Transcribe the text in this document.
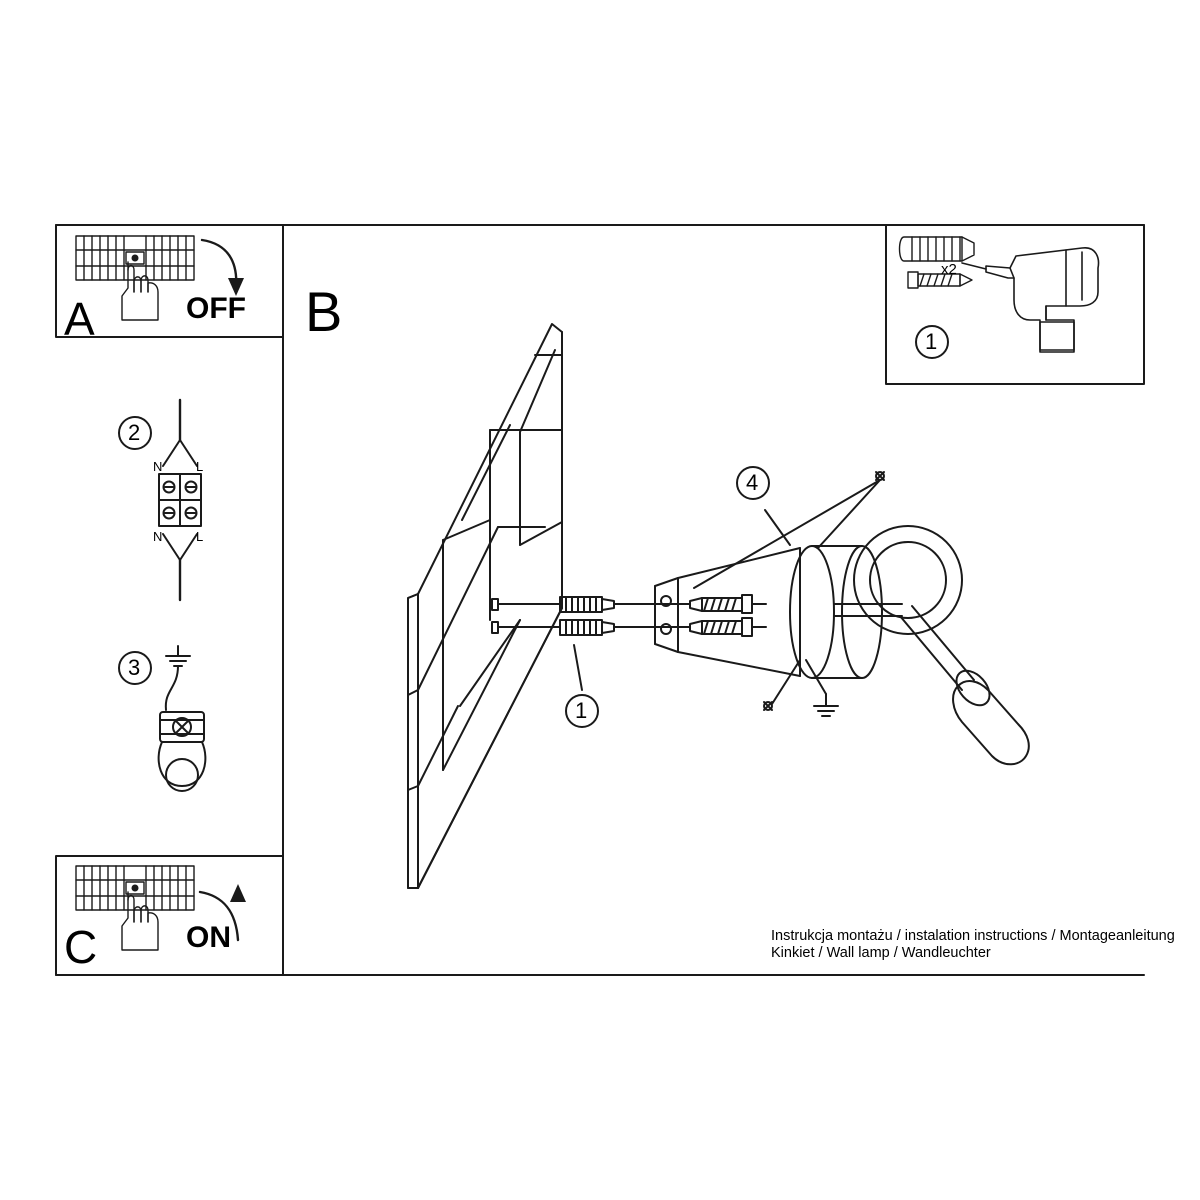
A	OFF
C	ON
B
2
N	L
N	L
3
1
4
1
x2
Instrukcja montażu / instalation instructions / Montageanleitung
Kinkiet / Wall lamp / Wandleuchter
